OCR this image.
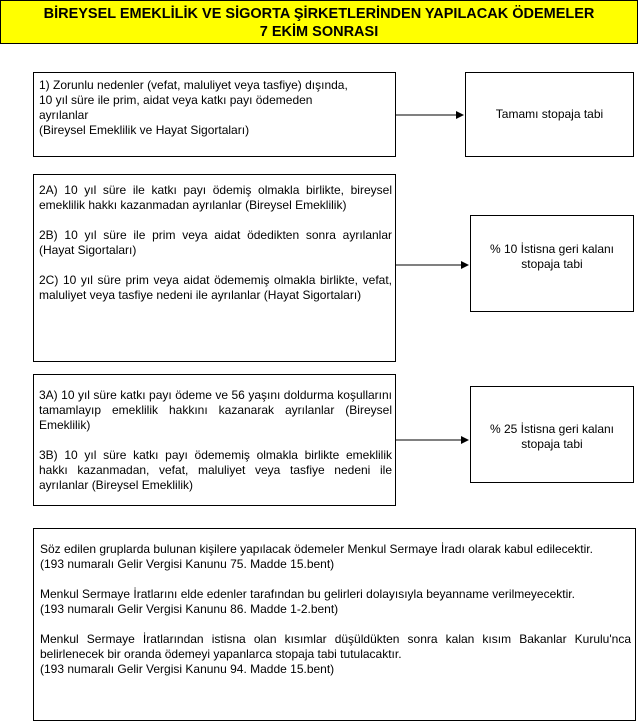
BİREYSEL EMEKLİLİK VE SİGORTA ŞİRKETLERİNDEN YAPILACAK ÖDEMELER
7 EKİM SONRASI
1) Zorunlu nedenler (vefat, maluliyet veya tasfiye) dışında,
10 yıl süre ile prim, aidat veya katkı payı ödemeden
ayrılanlar
(Bireysel Emeklilik ve Hayat Sigortaları)
Tamamı stopaja tabi

2A) 10 yıl süre ile katkı payı ödemiş olmakla birlikte, bireysel emeklilik hakkı kazanmadan ayrılanlar (Bireysel Emeklilik)

2B) 10 yıl süre ile prim veya aidat ödedikten sonra ayrılanlar (Hayat Sigortaları)

2C) 10 yıl süre prim veya aidat ödememiş olmakla birlikte, vefat, maluliyet veya tasfiye nedeni ile ayrılanlar (Hayat Sigortaları)

% 10 İstisna geri kalanı
stopaja tabi

3A) 10 yıl süre katkı payı ödeme ve 56 yaşını doldurma koşullarını tamamlayıp emeklilik hakkını kazanarak ayrılanlar (Bireysel Emeklilik)

3B) 10 yıl süre katkı payı ödememiş olmakla birlikte emeklilik hakkı kazanmadan, vefat, maluliyet veya tasfiye nedeni ile ayrılanlar (Bireysel Emeklilik)

% 25 İstisna geri kalanı
stopaja tabi

Söz edilen gruplarda bulunan kişilere yapılacak ödemeler Menkul Sermaye İradı olarak kabul edilecektir.

(193 numaralı Gelir Vergisi Kanunu 75. Madde 15.bent)

Menkul Sermaye İratlarını elde edenler tarafından bu gelirleri dolayısıyla beyanname verilmeyecektir.

(193 numaralı Gelir Vergisi Kanunu 86. Madde 1-2.bent)

Menkul Sermaye İratlarından istisna olan kısımlar düşüldükten sonra kalan kısım Bakanlar Kurulu'nca belirlenecek bir oranda ödemeyi yapanlarca stopaja tabi tutulacaktır.

(193 numaralı Gelir Vergisi Kanunu 94. Madde 15.bent)
